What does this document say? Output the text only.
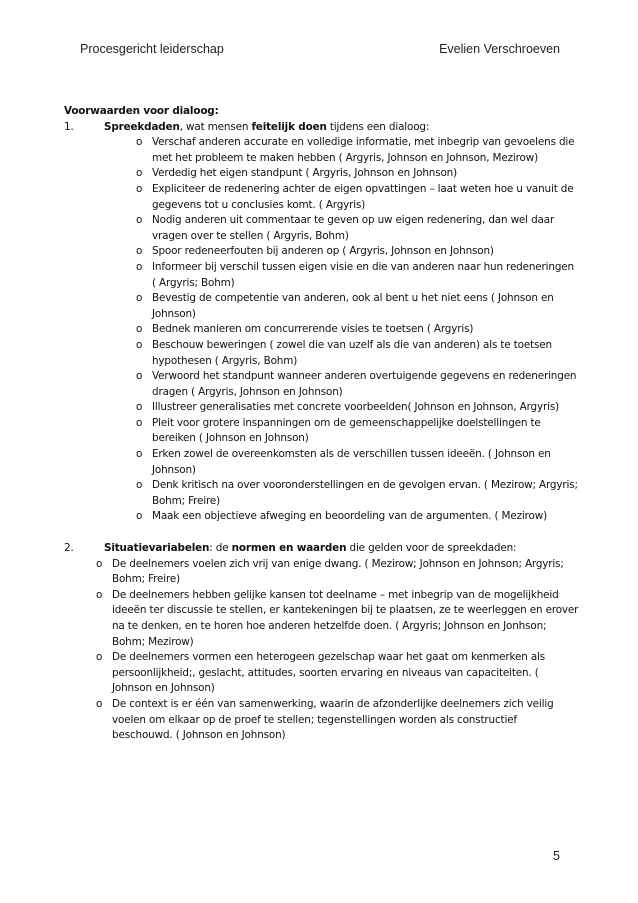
Procesgericht leiderschap	Evelien Verschroeven

Voorwaarden voor dialoog:

1.	Spreekdaden, wat mensen feitelijk doen tijdens een dialoog:
o Verschaf anderen accurate en volledige informatie, met inbegrip van gevoelens die met het probleem te maken hebben ( Argyris, Johnson en Johnson, Mezirow)
o Verdedig het eigen standpunt ( Argyris, Johnson en Johnson)
o Expliciteer de redenering achter de eigen opvattingen – laat weten hoe u vanuit de gegevens tot u conclusies komt. ( Argyris)
o Nodig anderen uit commentaar te geven op uw eigen redenering, dan wel daar vragen over te stellen ( Argyris, Bohm)
o Spoor redeneerfouten bij anderen op ( Argyris, Johnson en Johnson)
o Informeer bij verschil tussen eigen visie en die van anderen naar hun redeneringen ( Argyris; Bohm)
o Bevestig de competentie van anderen, ook al bent u het niet eens ( Johnson en Johnson)
o Bednek manieren om concurrerende visies te toetsen ( Argyris)
o Beschouw beweringen ( zowel die van uzelf als die van anderen) als te toetsen hypothesen ( Argyris, Bohm)
o Verwoord het standpunt wanneer anderen overtuigende gegevens en redeneringen dragen ( Argyris, Johnson en Johnson)
o Illustreer generalisaties met concrete voorbeelden( Johnson en Johnson, Argyris)
o Pleit voor grotere inspanningen om de gemeenschappelijke doelstellingen te bereiken ( Johnson en Johnson)
o Erken zowel de overeenkomsten als de verschillen tussen ideeën. ( Johnson en Johnson)
o Denk kritisch na over vooronderstellingen en de gevolgen ervan. ( Mezirow; Argyris; Bohm; Freire)
o Maak een objectieve afweging en beoordeling van de argumenten. ( Mezirow)
2.	Situatievariabelen: de normen en waarden die gelden voor de spreekdaden:
o De deelnemers voelen zich vrij van enige dwang. ( Mezirow; Johnson en Johnson; Argyris; Bohm; Freire)
o De deelnemers hebben gelijke kansen tot deelname – met inbegrip van de mogelijkheid ideeën ter discussie te stellen, er kantekeningen bij te plaatsen, ze te weerleggen en erover na te denken, en te horen hoe anderen hetzelfde doen. ( Argyris; Johnson en Jonhson; Bohm; Mezirow)
o De deelnemers vormen een heterogeen gezelschap waar het gaat om kenmerken als persoonlijkheid;, geslacht, attitudes, soorten ervaring en niveaus van capaciteiten. ( Johnson en Johnson)
o De context is er één van samenwerking, waarin de afzonderlijke deelnemers zich veilig voelen om elkaar op de proef te stellen; tegenstellingen worden als constructief beschouwd. ( Johnson en Johnson)
5
